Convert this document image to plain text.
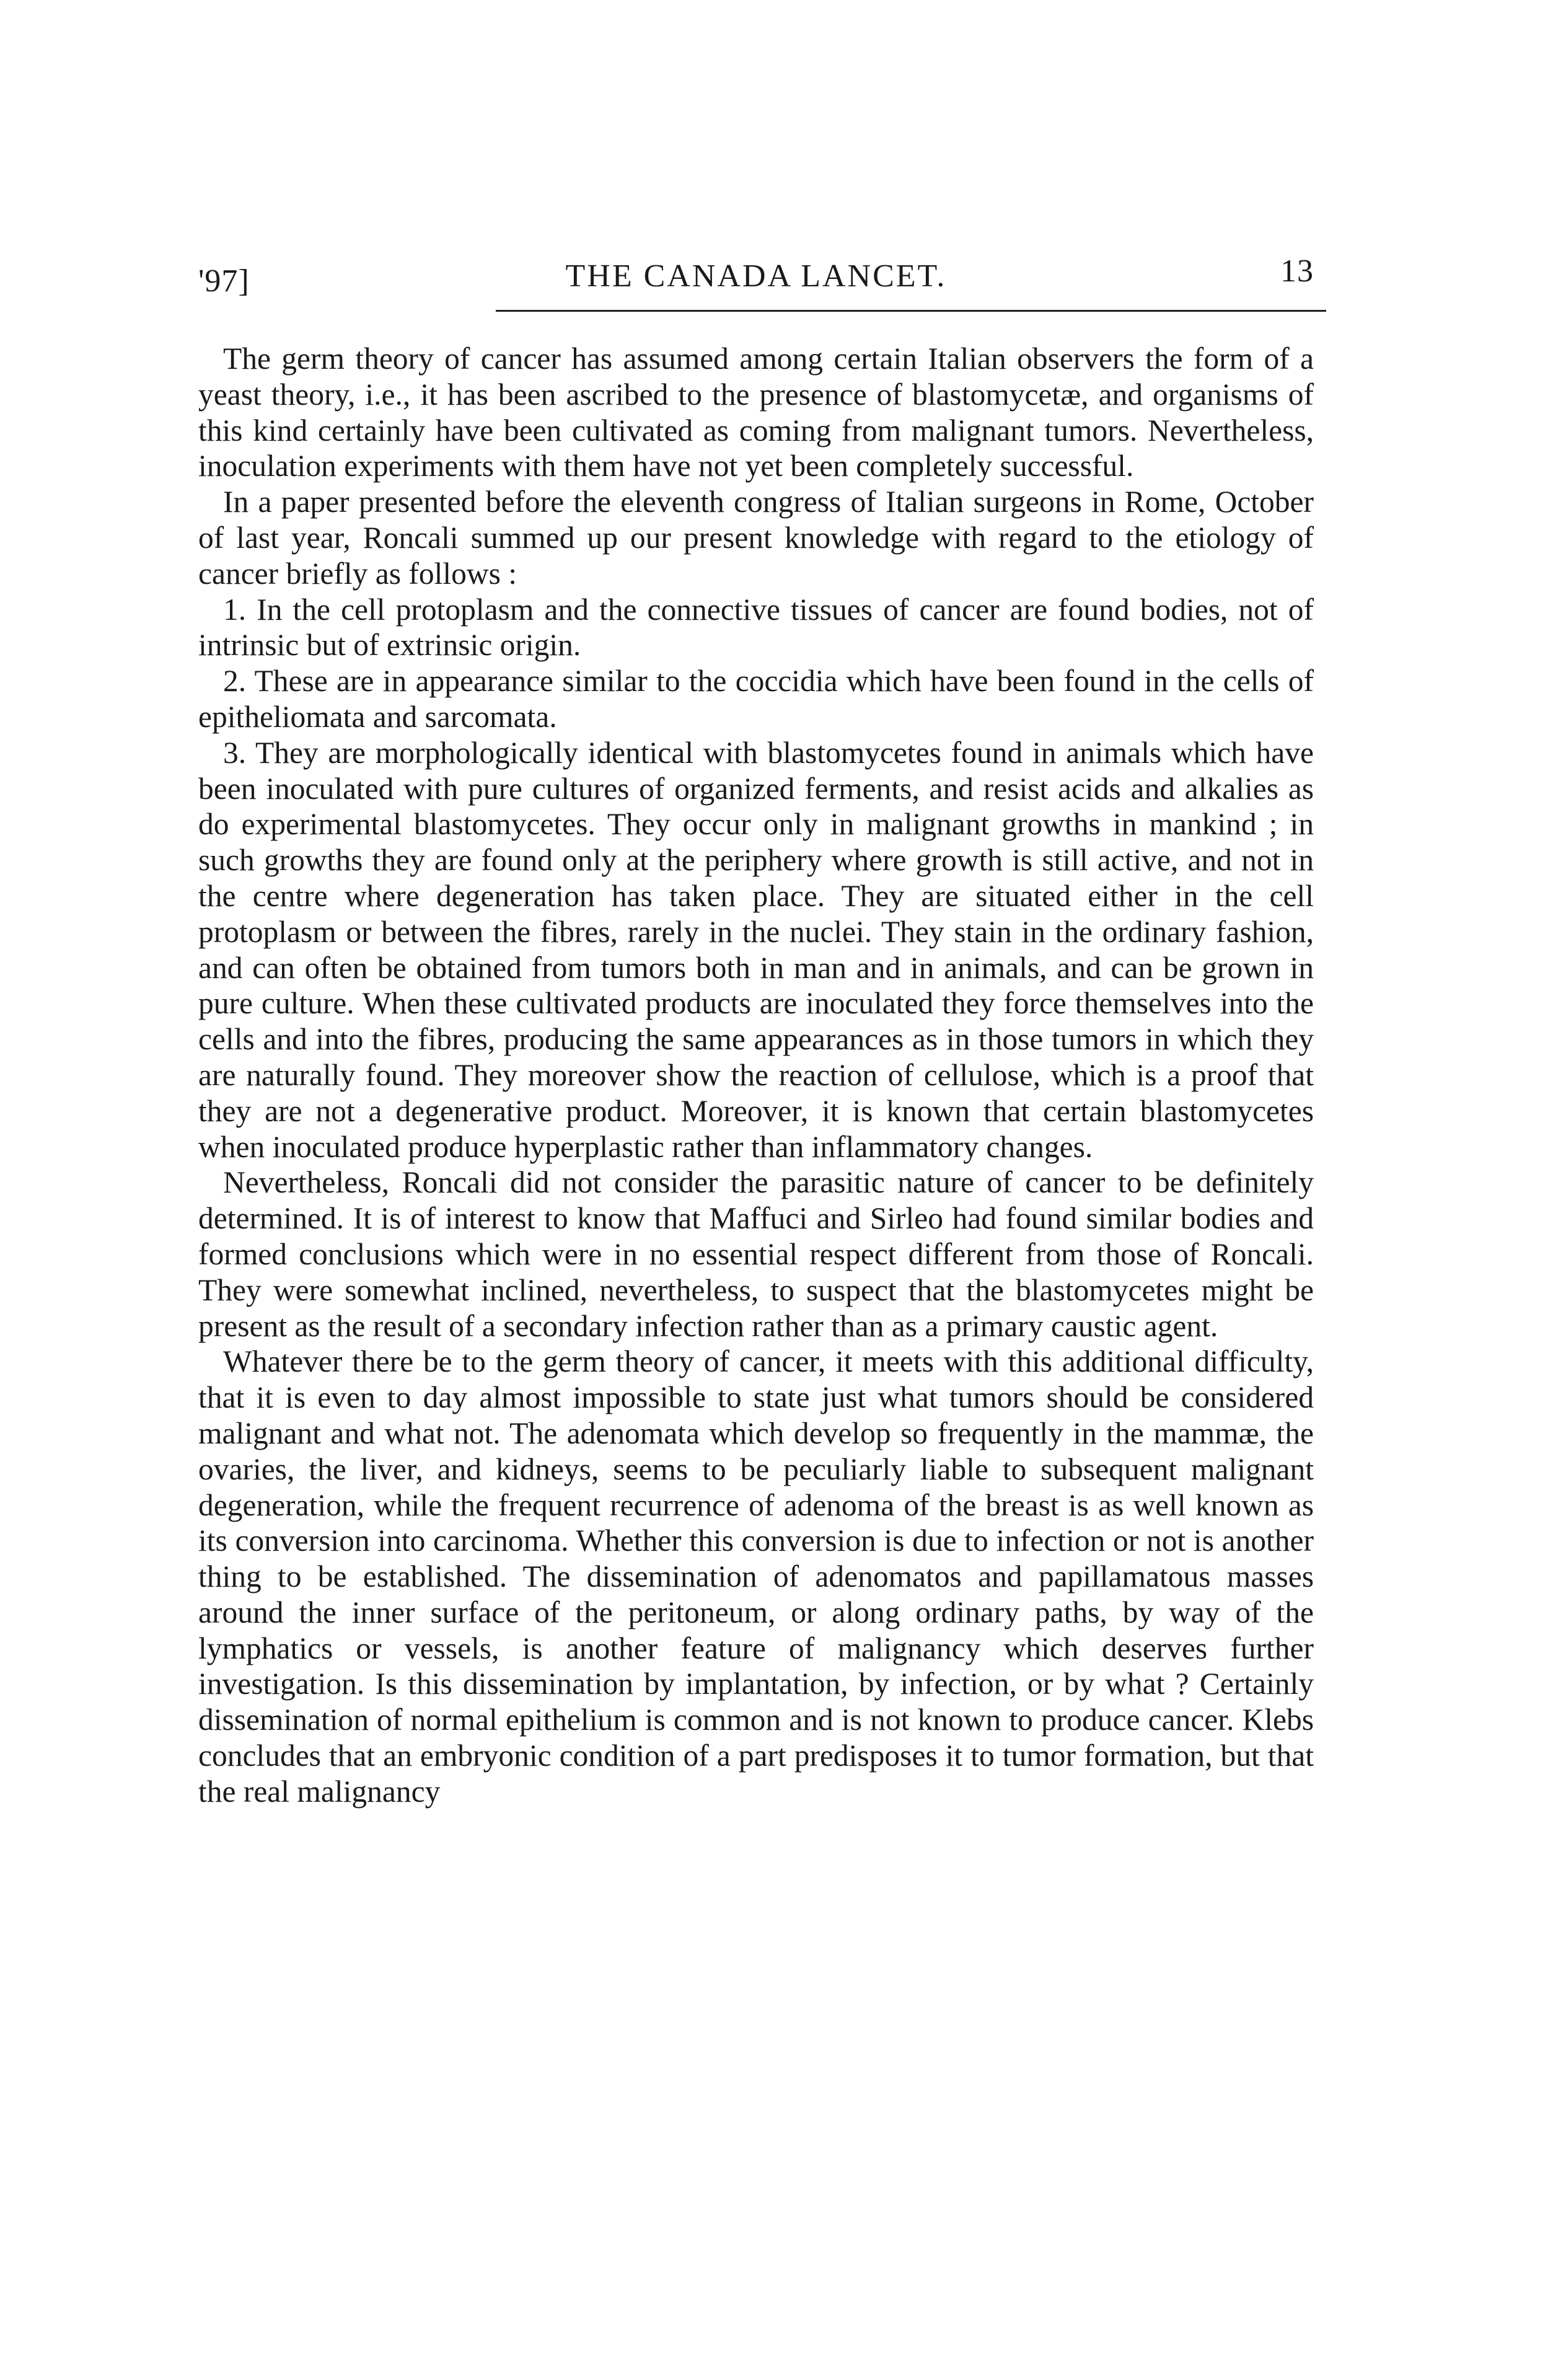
'97]	THE CANADA LANCET.	13

The germ theory of cancer has assumed among certain Italian observers the form of a yeast theory, i.e., it has been ascribed to the presence of blastomycetæ, and organisms of this kind certainly have been cultivated as coming from malignant tumors. Nevertheless, inoculation experiments with them have not yet been completely successful.

In a paper presented before the eleventh congress of Italian surgeons in Rome, October of last year, Roncali summed up our present knowledge with regard to the etiology of cancer briefly as follows :

1. In the cell protoplasm and the connective tissues of cancer are found bodies, not of intrinsic but of extrinsic origin.

2. These are in appearance similar to the coccidia which have been found in the cells of epitheliomata and sarcomata.

3. They are morphologically identical with blastomycetes found in animals which have been inoculated with pure cultures of organized ferments, and resist acids and alkalies as do experimental blastomycetes. They occur only in malignant growths in mankind ; in such growths they are found only at the periphery where growth is still active, and not in the centre where degeneration has taken place. They are situated either in the cell protoplasm or between the fibres, rarely in the nuclei. They stain in the ordinary fashion, and can often be obtained from tumors both in man and in animals, and can be grown in pure culture. When these cultivated products are inoculated they force themselves into the cells and into the fibres, producing the same appearances as in those tumors in which they are naturally found. They moreover show the reaction of cellulose, which is a proof that they are not a degenerative product. Moreover, it is known that certain blastomycetes when inoculated produce hyperplastic rather than inflammatory changes.

Nevertheless, Roncali did not consider the parasitic nature of cancer to be definitely determined. It is of interest to know that Maffuci and Sirleo had found similar bodies and formed conclusions which were in no essential respect different from those of Roncali. They were somewhat inclined, nevertheless, to suspect that the blastomycetes might be present as the result of a secondary infection rather than as a primary caustic agent.

Whatever there be to the germ theory of cancer, it meets with this additional difficulty, that it is even to day almost impossible to state just what tumors should be considered malignant and what not. The adenomata which develop so frequently in the mammæ, the ovaries, the liver, and kidneys, seems to be peculiarly liable to subsequent malignant degeneration, while the frequent recurrence of adenoma of the breast is as well known as its conversion into carcinoma. Whether this conversion is due to infection or not is another thing to be established. The dissemination of adenomatos and papillamatous masses around the inner surface of the peritoneum, or along ordinary paths, by way of the lymphatics or vessels, is another feature of malignancy which deserves further investigation. Is this dissemination by implantation, by infection, or by what ? Certainly dissemination of normal epithelium is common and is not known to produce cancer. Klebs concludes that an embryonic condition of a part predisposes it to tumor formation, but that the real malignancy
